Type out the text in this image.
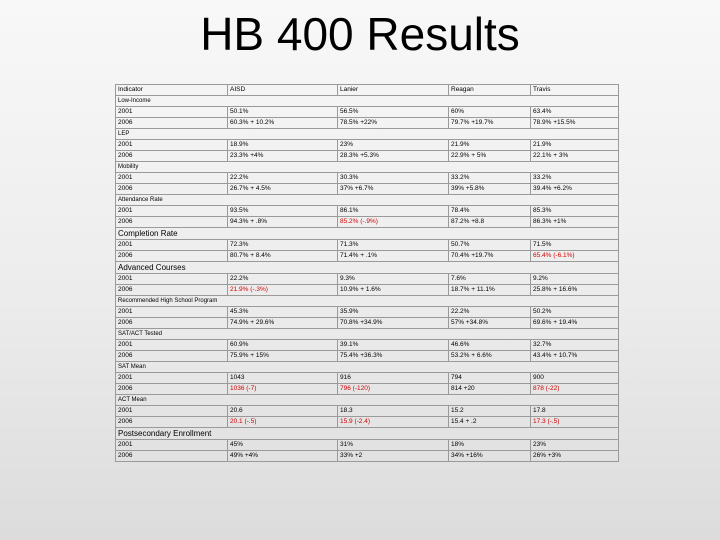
HB 400 Results
Indicator	AISD	Lanier	Reagan	Travis
Low-Income
2001	50.1%	56.5%	60%	63.4%
2006	60.3% + 10.2%	78.5% +22%	79.7% +19.7%	78.9% +15.5%
LEP
2001	18.9%	23%	21.9%	21.9%
2006	23.3% +4%	28.3% +5.3%	22.9% + 5%	22.1% + 3%
Mobility
2001	22.2%	30.3%	33.2%	33.2%
2006	26.7% + 4.5%	37% +6.7%	39% +5.8%	39.4% +6.2%
Attendance Rate
2001	93.5%	86.1%	78.4%	85.3%
2006	94.3% + .8%	85.2% (-.9%)	87.2% +8.8	86.3% +1%
Completion Rate
2001	72.3%	71.3%	50.7%	71.5%
2006	80.7% + 8.4%	71.4% + .1%	70.4% +19.7%	65.4% (-6.1%)
Advanced Courses
2001	22.2%	9.3%	7.6%	9.2%
2006	21.9% (-.3%)	10.9% + 1.6%	18.7% + 11.1%	25.8% + 16.6%
Recommended High School Program
2001	45.3%	35.9%	22.2%	50.2%
2006	74.9% + 29.6%	70.8% +34.9%	57% +34.8%	69.6% + 19.4%
SAT/ACT Tested
2001	60.9%	39.1%	46.6%	32.7%
2006	75.9% + 15%	75.4% +36.3%	53.2% + 6.6%	43.4% + 10.7%
SAT Mean
2001	1043	916	794	900
2006	1036 (-7)	796 (-120)	814 +20	878 (-22)
ACT Mean
2001	20.6	18.3	15.2	17.8
2006	20.1 (-.5)	15.9 (-2.4)	15.4 + .2	17.3 (-.5)
Postsecondary Enrollment
2001	45%	31%	18%	23%
2006	49% +4%	33% +2	34% +16%	26% +3%
